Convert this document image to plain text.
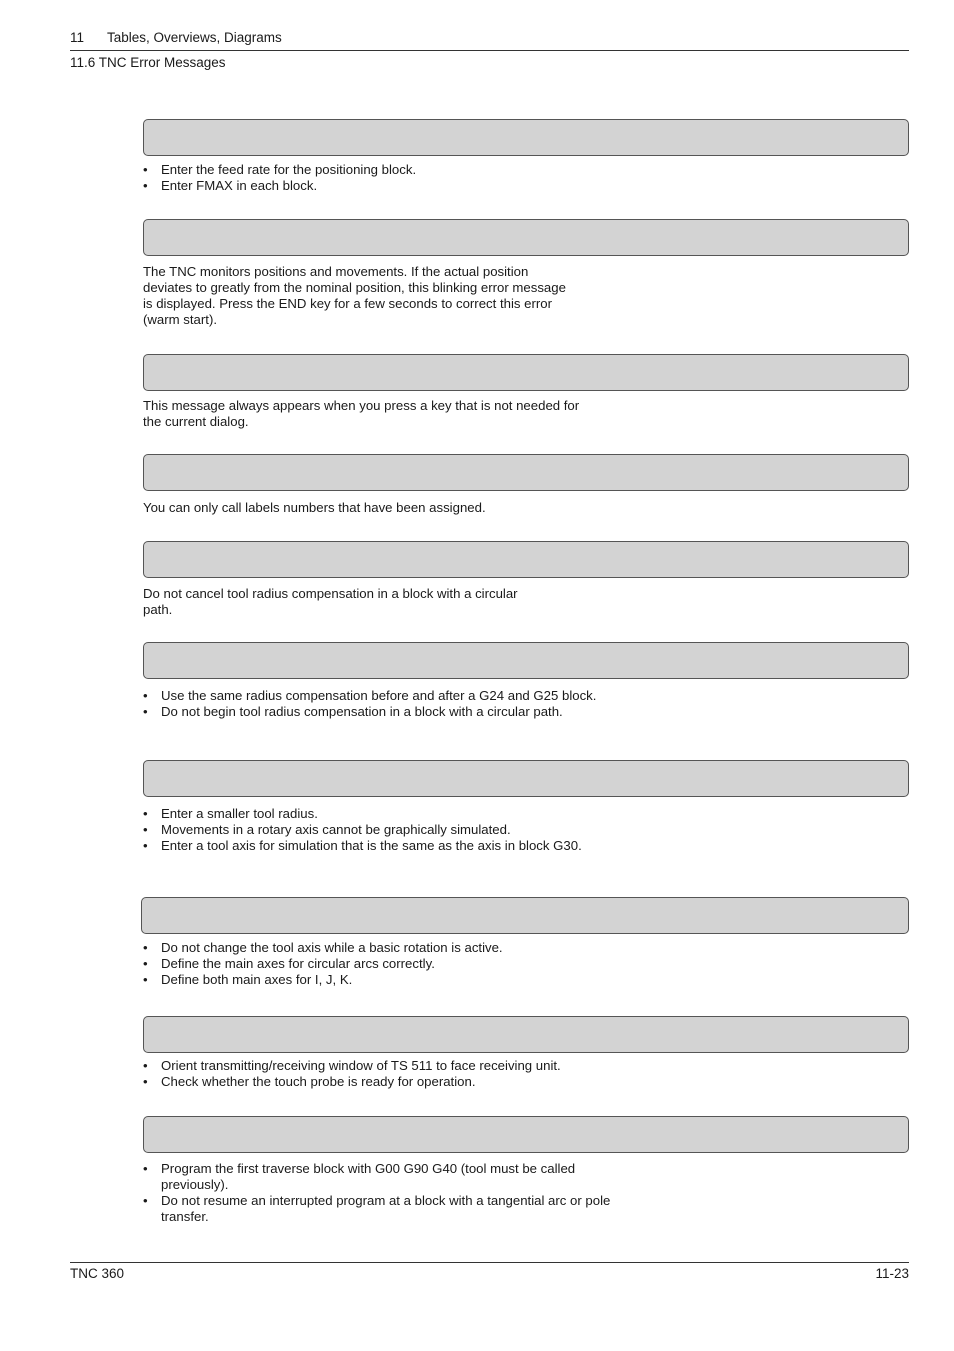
11 Tables, Overviews, Diagrams
11.6 TNC Error Messages
• Enter the feed rate for the positioning block.
• Enter FMAX in each block.

The TNC monitors positions and movements. If the actual position

deviates to greatly from the nominal position, this blinking error message

is displayed. Press the END key for a few seconds to correct this error

(warm start).

This message always appears when you press a key that is not needed for

the current dialog.

You can only call labels numbers that have been assigned.

Do not cancel tool radius compensation in a block with a circular

path.

• Use the same radius compensation before and after a G24 and G25 block.
• Do not begin tool radius compensation in a block with a circular path.
• Enter a smaller tool radius.
• Movements in a rotary axis cannot be graphically simulated.
• Enter a tool axis for simulation that is the same as the axis in block G30.
• Do not change the tool axis while a basic rotation is active.
• Define the main axes for circular arcs correctly.
• Define both main axes for I, J, K.
• Orient transmitting/receiving window of TS 511 to face receiving unit.
• Check whether the touch probe is ready for operation.
• Program the first traverse block with G00 G90 G40 (tool must be called previously).
• Do not resume an interrupted program at a block with a tangential arc or pole transfer.
TNC 360	11-23
